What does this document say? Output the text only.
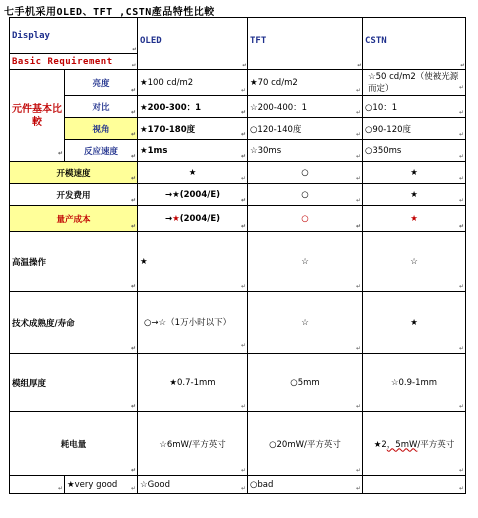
七手机采用OLED、TFT ,CSTN產品特性比較
Display ↵		OLED ↵	TFT ↵	CSTN ↵
Basic Requirement ↵
元件基本比較 ↵	亮度 ↵	★100 cd/m2 ↵	★70 cd/m2 ↵	☆50 cd/m2（使被光源而定） ↵
	对比 ↵	★200-300：1 ↵	☆200-400：1 ↵	○10：1 ↵
	视角 ↵	★170-180度 ↵	○120-140度 ↵	○90-120度 ↵
	反应速度 ↵	★1ms ↵	☆30ms ↵	○350ms ↵
开模速度 ↵		★ ↵	○ ↵	★ ↵
开发费用 ↵		→★(2004/E) ↵	○ ↵	★ ↵
量产成本 ↵		→★(2004/E) ↵	○ ↵	★ ↵
高温操作 ↵		★ ↵	☆ ↵	☆ ↵
技术成熟度/寿命 ↵		○→☆（1万小时以下） ↵	☆ ↵	★ ↵
模组厚度 ↵		★0.7-1mm ↵	○5mm ↵	☆0.9-1mm ↵
耗电量 ↵		☆6mW/平方英寸 ↵	○20mW/平方英寸 ↵	★2，5mW/平方英寸 ↵
↵	★very good ↵	☆Good ↵	○bad ↵	↵
